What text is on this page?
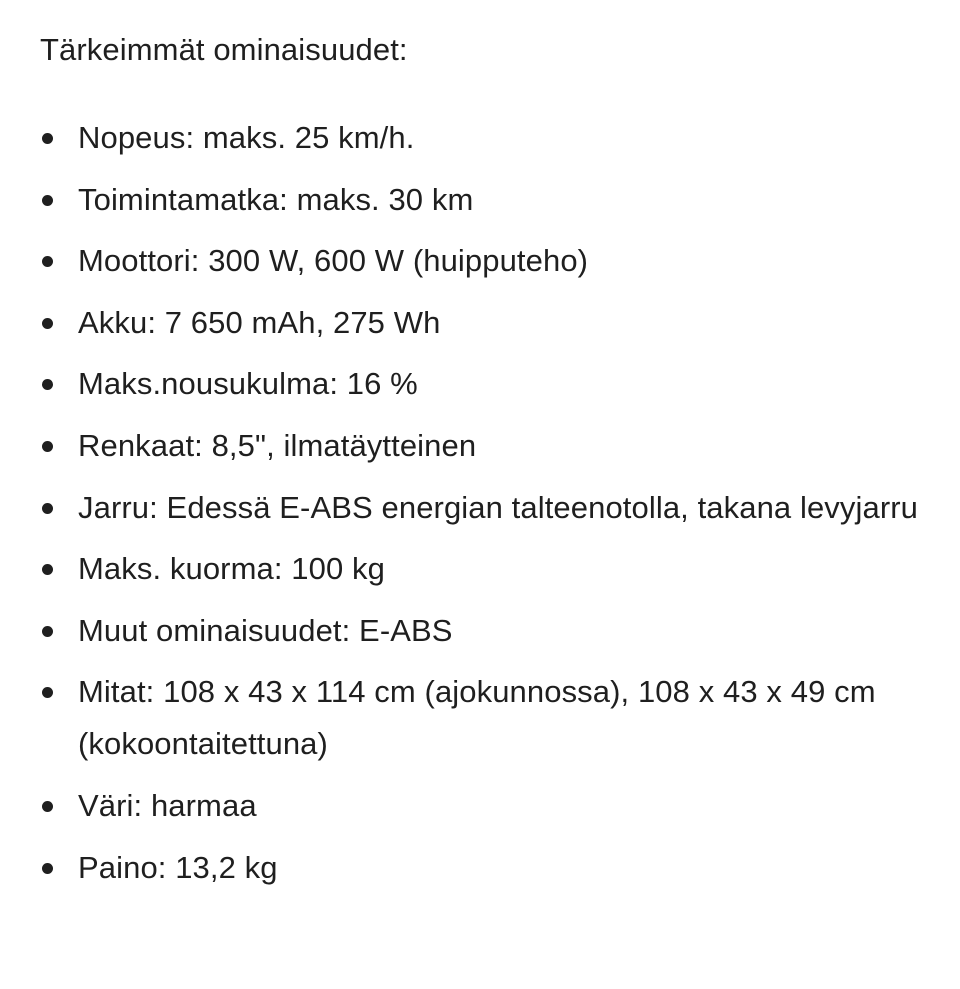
Tärkeimmät ominaisuudet:
Nopeus: maks. 25 km/h.
Toimintamatka: maks. 30 km
Moottori: 300 W, 600 W (huipputeho)
Akku: 7 650 mAh, 275 Wh
Maks.nousukulma: 16 %
Renkaat: 8,5", ilmatäytteinen
Jarru: Edessä E-ABS energian talteenotolla, takana levyjarru
Maks. kuorma: 100 kg
Muut ominaisuudet: E-ABS
Mitat: 108 x 43 x 114 cm (ajokunnossa), 108 x 43 x 49 cm (kokoontaitettuna)
Väri: harmaa
Paino: 13,2 kg
